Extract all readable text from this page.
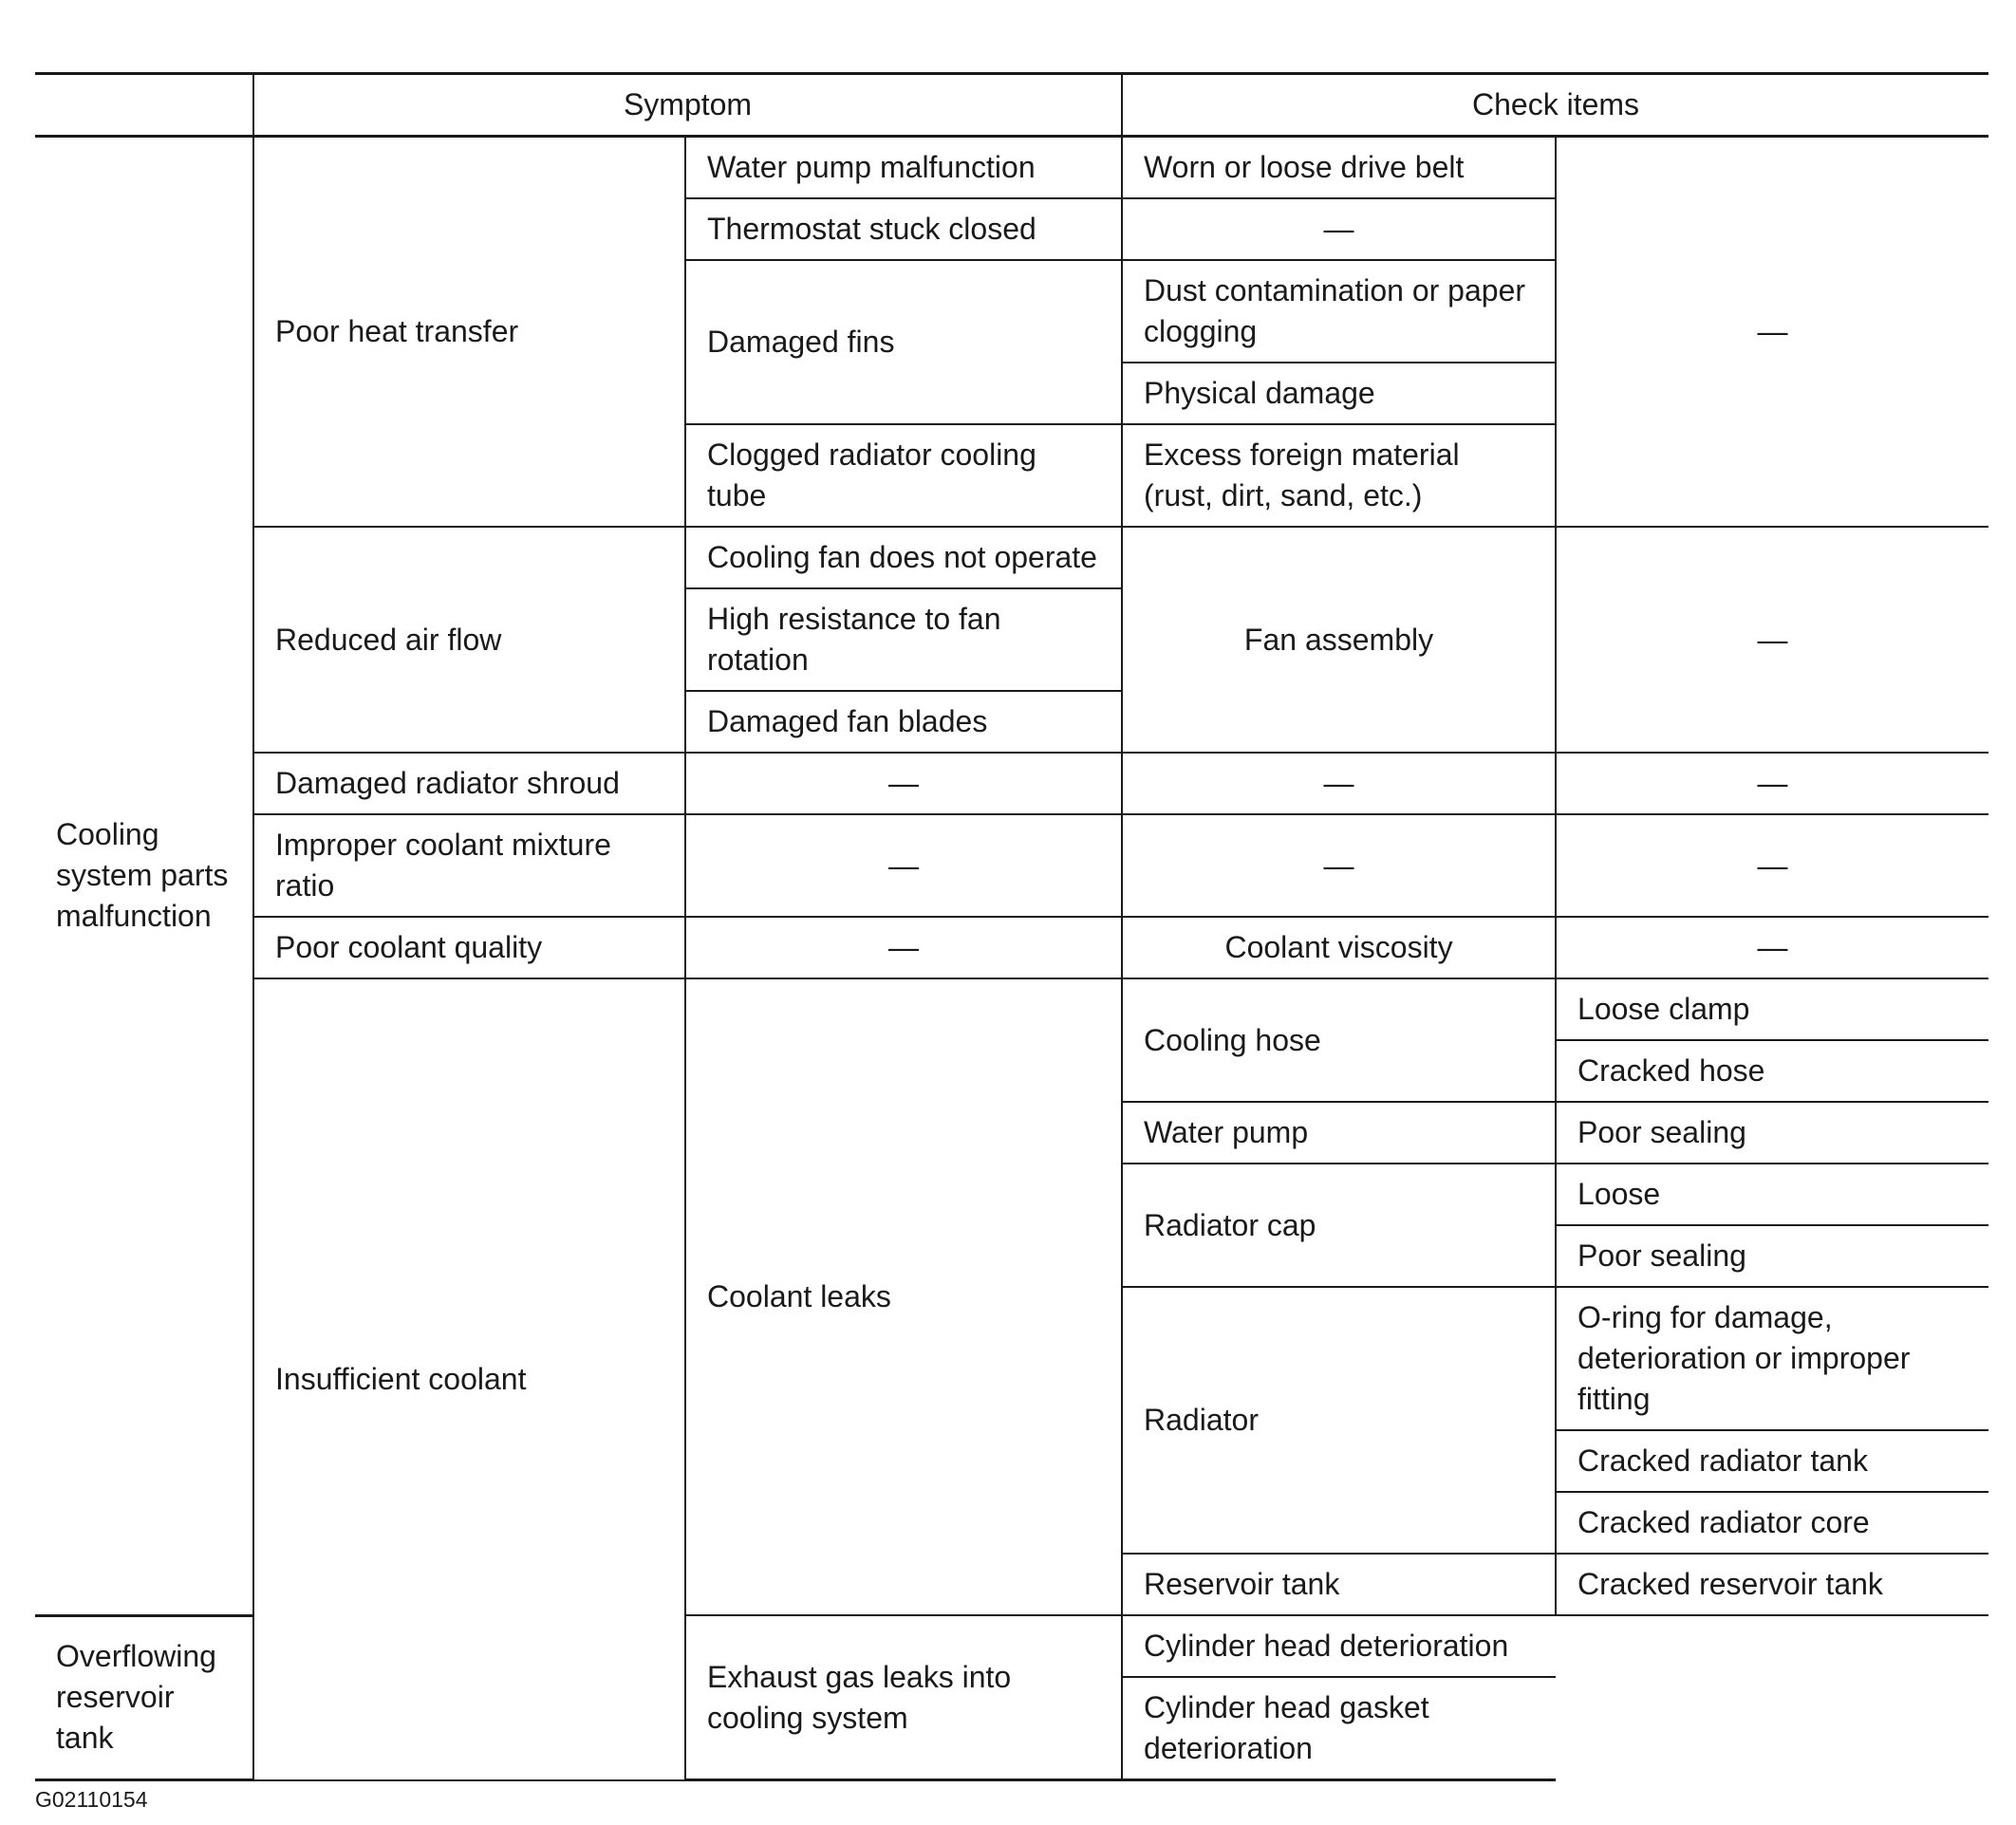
	Symptom		Check items	
Cooling system parts malfunction	Poor heat transfer	Water pump malfunction	Worn or loose drive belt	—
		Thermostat stuck closed	—	
		Damaged fins	Dust contamination or paper clogging	
			Physical damage	
		Clogged radiator cooling tube	Excess foreign material (rust, dirt, sand, etc.)	
	Reduced air flow	Cooling fan does not operate	Fan assembly	—
		High resistance to fan rotation		
		Damaged fan blades		
	Damaged radiator shroud	—	—	—
	Improper coolant mixture ratio	—	—	—
	Poor coolant quality	—	Coolant viscosity	—
	Insufficient coolant	Coolant leaks	Cooling hose	Loose clamp
				Cracked hose
			Water pump	Poor sealing
			Radiator cap	Loose
				Poor sealing
			Radiator	O-ring for damage, deterioration or improper fitting
				Cracked radiator tank
				Cracked radiator core
			Reservoir tank	Cracked reservoir tank
Overflowing reservoir tank		Exhaust gas leaks into cooling system	Cylinder head deterioration	
			Cylinder head gasket deterioration	
G02110154
